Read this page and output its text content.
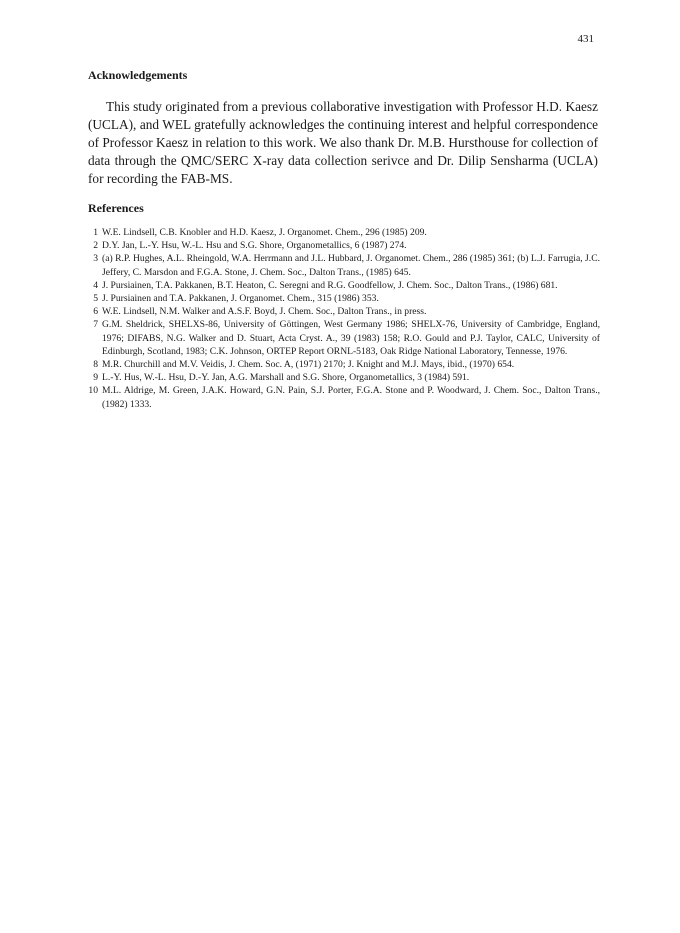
431
Acknowledgements

This study originated from a previous collaborative investigation with Professor H.D. Kaesz (UCLA), and WEL gratefully acknowledges the continuing interest and helpful correspondence of Professor Kaesz in relation to this work. We also thank Dr. M.B. Hursthouse for collection of data through the QMC/SERC X-ray data collection serivce and Dr. Dilip Sensharma (UCLA) for recording the FAB-MS.

References
1 W.E. Lindsell, C.B. Knobler and H.D. Kaesz, J. Organomet. Chem., 296 (1985) 209.
2 D.Y. Jan, L.-Y. Hsu, W.-L. Hsu and S.G. Shore, Organometallics, 6 (1987) 274.
3 (a) R.P. Hughes, A.L. Rheingold, W.A. Herrmann and J.L. Hubbard, J. Organomet. Chem., 286 (1985) 361; (b) L.J. Farrugia, J.C. Jeffery, C. Marsdon and F.G.A. Stone, J. Chem. Soc., Dalton Trans., (1985) 645.
4 J. Pursiainen, T.A. Pakkanen, B.T. Heaton, C. Seregni and R.G. Goodfellow, J. Chem. Soc., Dalton Trans., (1986) 681.
5 J. Pursiainen and T.A. Pakkanen, J. Organomet. Chem., 315 (1986) 353.
6 W.E. Lindsell, N.M. Walker and A.S.F. Boyd, J. Chem. Soc., Dalton Trans., in press.
7 G.M. Sheldrick, SHELXS-86, University of Göttingen, West Germany 1986; SHELX-76, University of Cambridge, England, 1976; DIFABS, N.G. Walker and D. Stuart, Acta Cryst. A., 39 (1983) 158; R.O. Gould and P.J. Taylor, CALC, University of Edinburgh, Scotland, 1983; C.K. Johnson, ORTEP Report ORNL-5183, Oak Ridge National Laboratory, Tennesse, 1976.
8 M.R. Churchill and M.V. Veidis, J. Chem. Soc. A, (1971) 2170; J. Knight and M.J. Mays, ibid., (1970) 654.
9 L.-Y. Hus, W.-L. Hsu, D.-Y. Jan, A.G. Marshall and S.G. Shore, Organometallics, 3 (1984) 591.
10 M.L. Aldrige, M. Green, J.A.K. Howard, G.N. Pain, S.J. Porter, F.G.A. Stone and P. Woodward, J. Chem. Soc., Dalton Trans., (1982) 1333.
